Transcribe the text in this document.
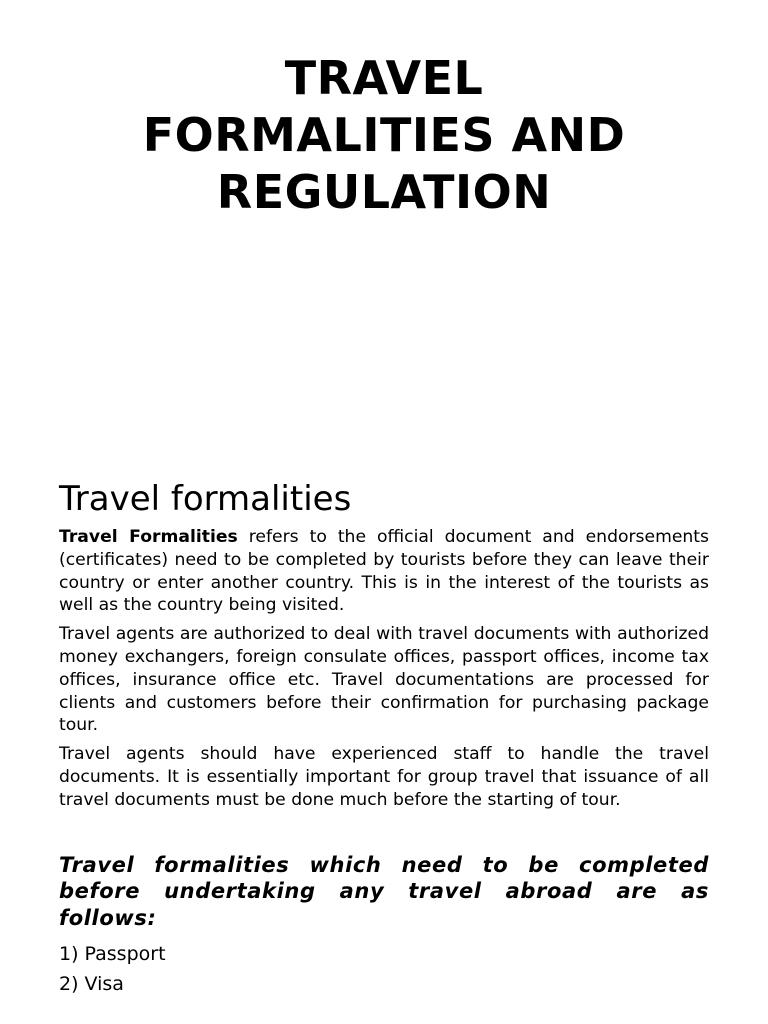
TRAVEL
FORMALITIES AND
REGULATION
Travel formalities

Travel Formalities refers to the official document and endorsements (certificates) need to be completed by tourists before they can leave their country or enter another country. This is in the interest of the tourists as well as the country being visited.

Travel agents are authorized to deal with travel documents with authorized money exchangers, foreign consulate offices, passport offices, income tax offices, insurance office etc. Travel documentations are processed for clients and customers before their confirmation for purchasing package tour.

Travel agents should have experienced staff to handle the travel documents. It is essentially important for group travel that issuance of all travel documents must be done much before the starting of tour.

Travel formalities which need to be completed before undertaking any travel abroad are as follows:

1) Passport
2) Visa
